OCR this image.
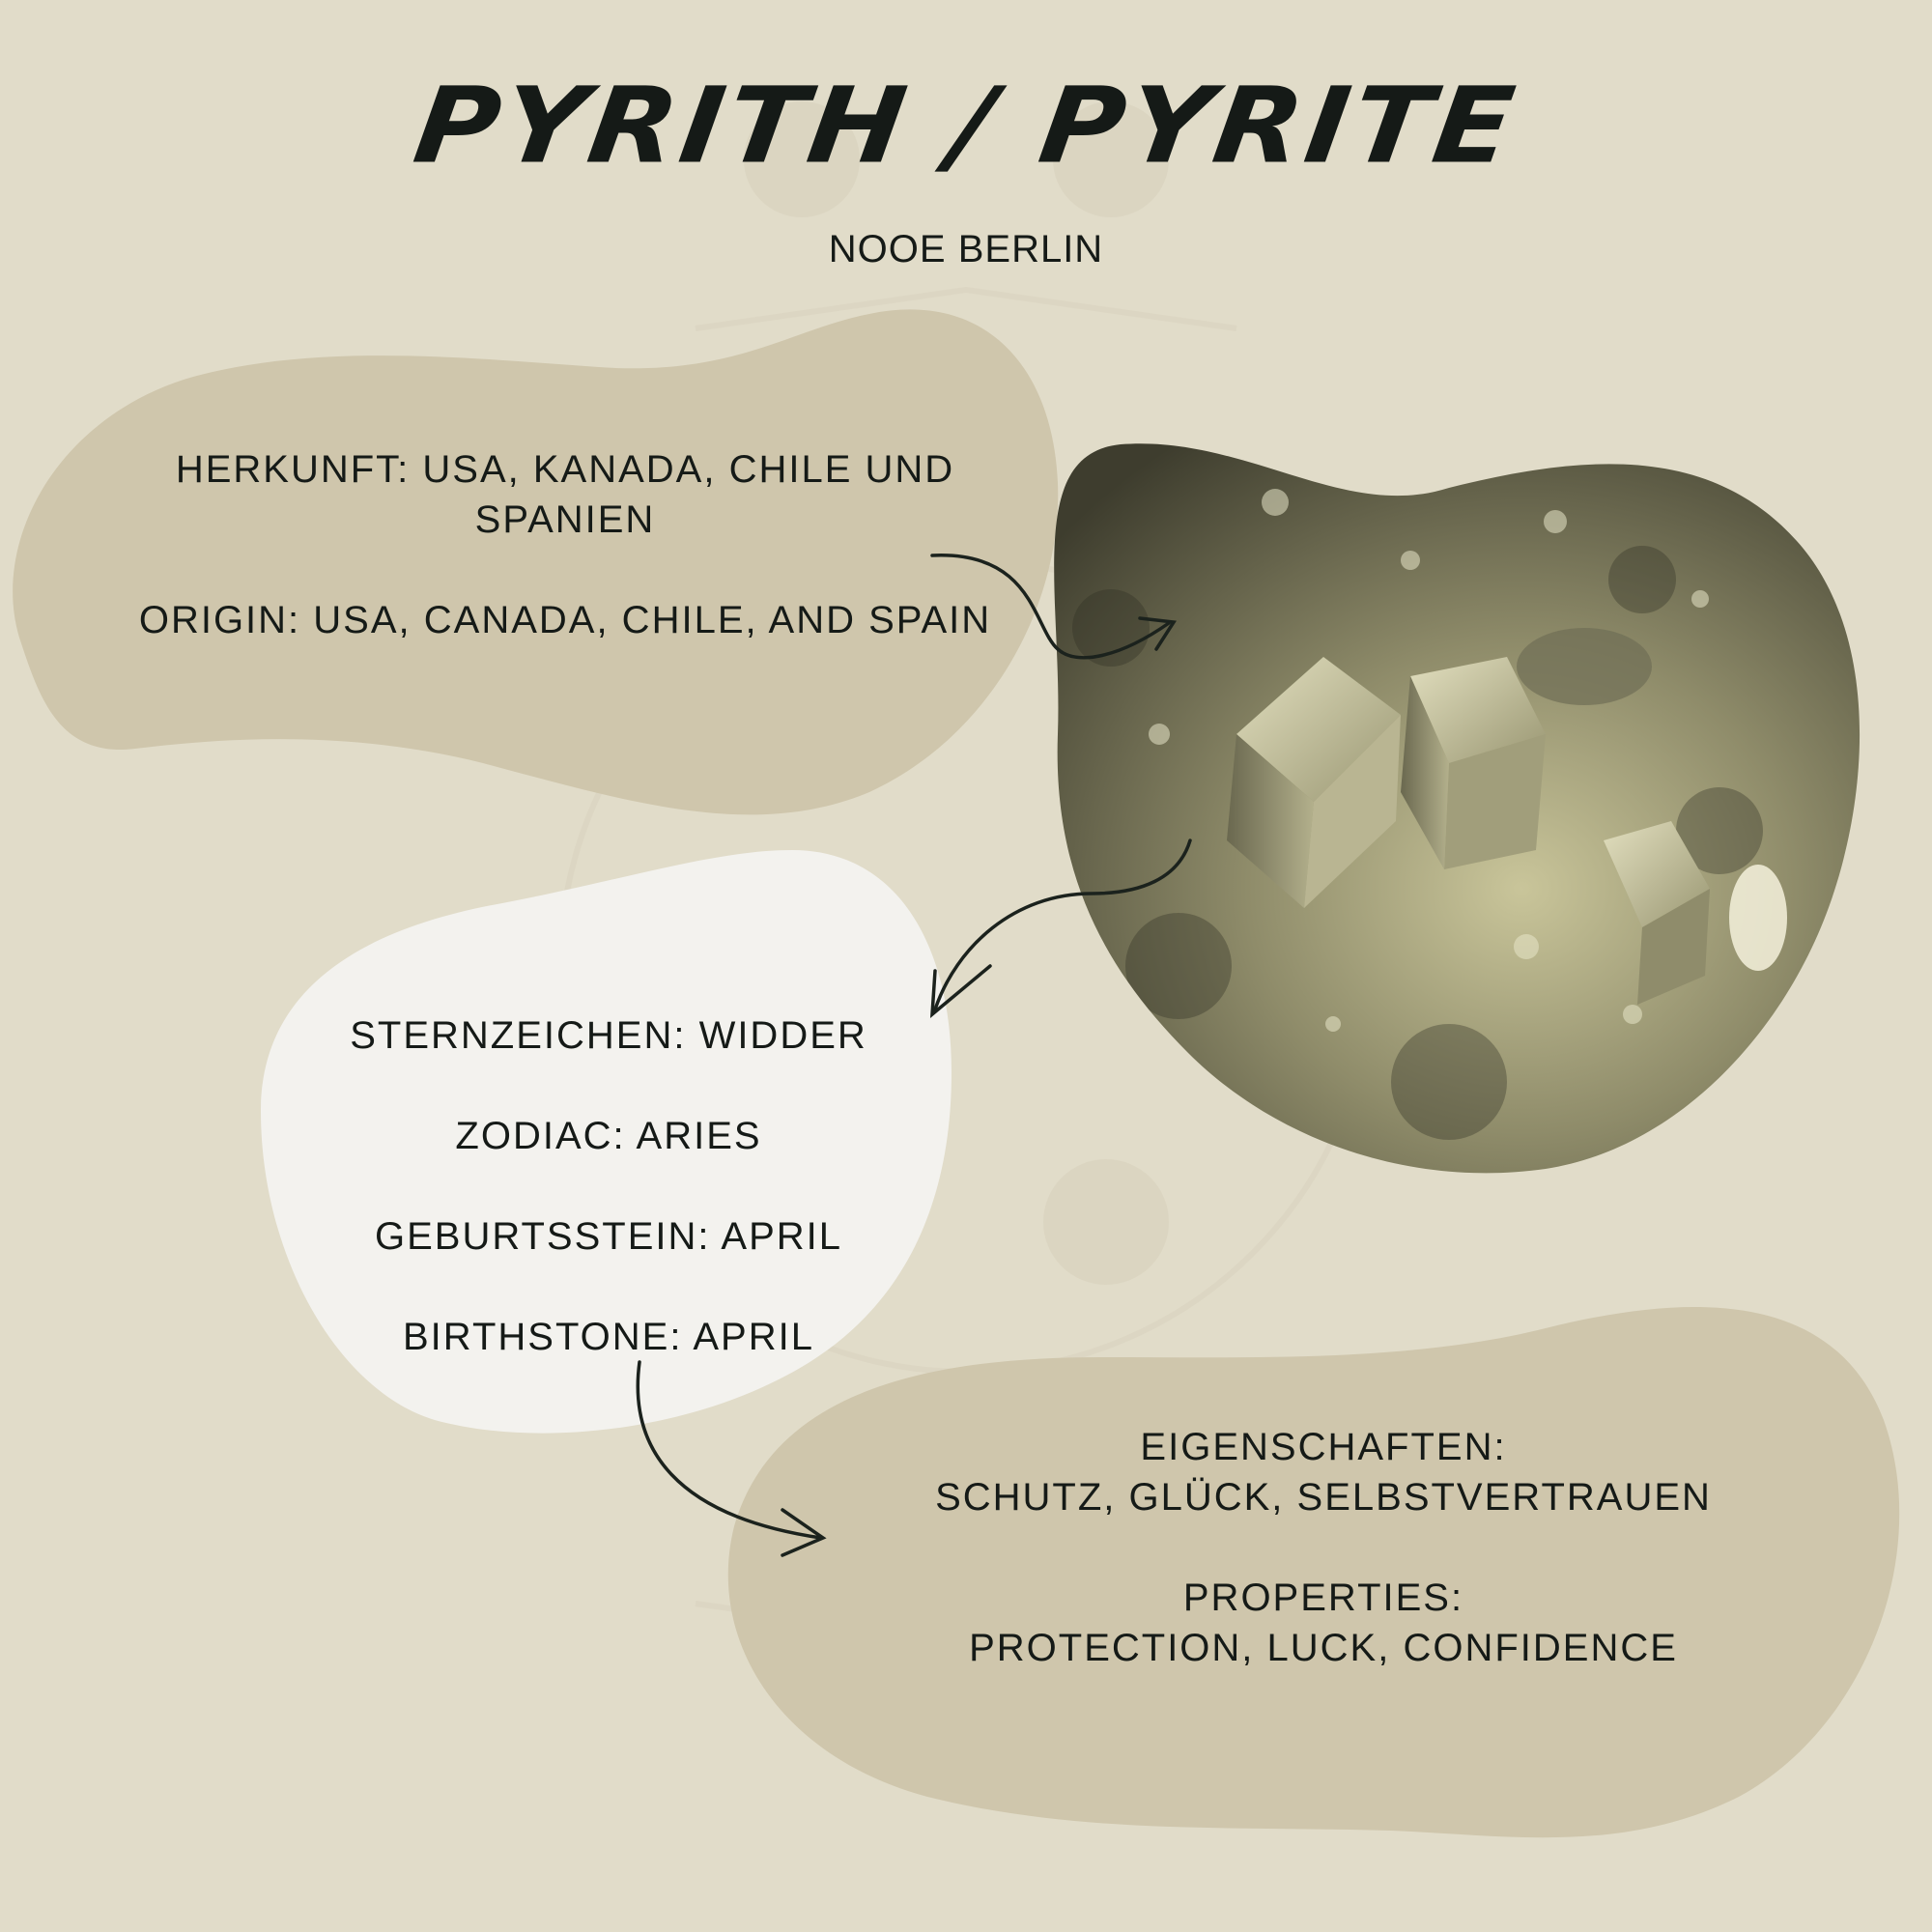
PYRITH / PYRITE

NOOE BERLIN

HERKUNFT: USA, KANADA, CHILE UND SPANIEN

ORIGIN: USA, CANADA, CHILE, AND SPAIN

STERNZEICHEN: WIDDER

ZODIAC: ARIES

GEBURTSSTEIN: APRIL

BIRTHSTONE: APRIL

EIGENSCHAFTEN:

SCHUTZ, GLÜCK, SELBSTVERTRAUEN

PROPERTIES:

PROTECTION, LUCK, CONFIDENCE
